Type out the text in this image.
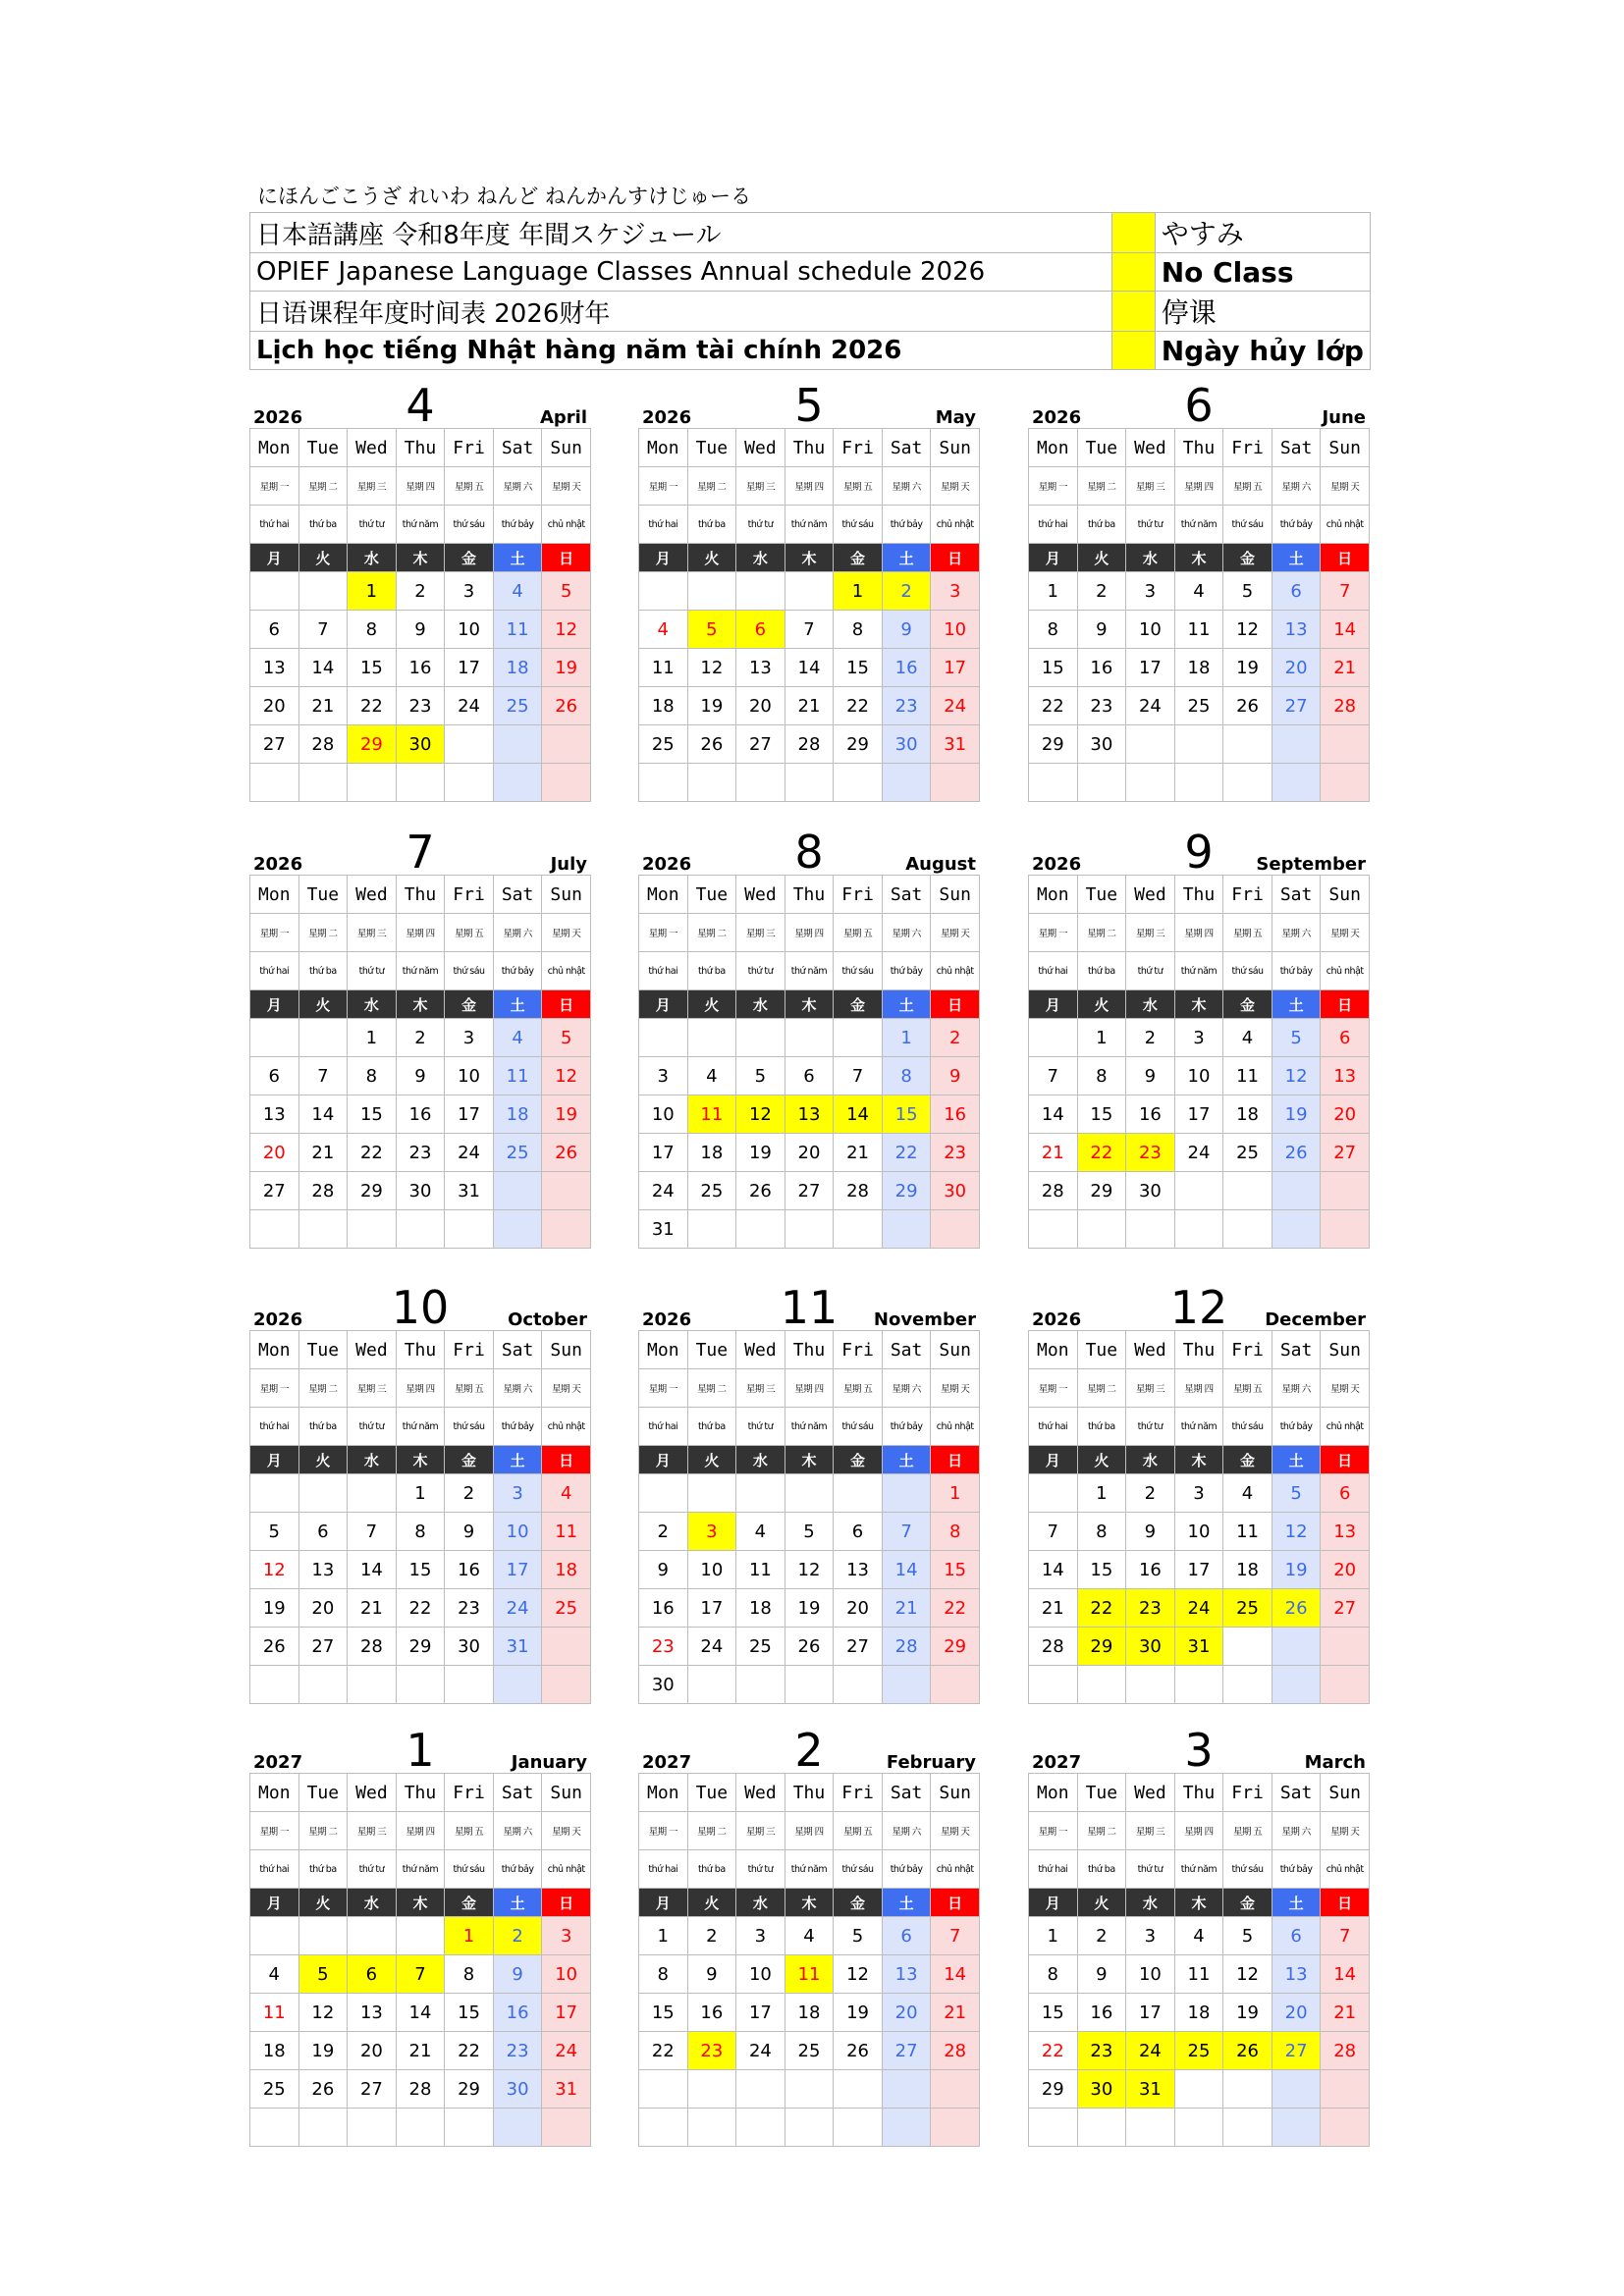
にほんごこうざ れいわ ねんど ねんかんすけじゅーる
日本語講座 令和8年度 年間スケジュール		やすみ
OPIEF Japanese Language Classes Annual schedule 2026		No Class
日语课程年度时间表 2026财年		停课
Lịch học tiếng Nhật hàng năm tài chính 2026		Ngày hủy lớp
2026	4	April
Mon	Tue	Wed	Thu	Fri	Sat	Sun
星期 一	星期 二	星期 三	星期 四	星期 五	星期 六	星期 天
thứ hai	thứ ba	thứ tư	thứ năm	thứ sáu	thứ bảy	chủ nhật
月	火	水	木	金	土	日
		1	2	3	4	5
6	7	8	9	10	11	12
13	14	15	16	17	18	19
20	21	22	23	24	25	26
27	28	29	30			

2026	5	May
Mon	Tue	Wed	Thu	Fri	Sat	Sun
星期 一	星期 二	星期 三	星期 四	星期 五	星期 六	星期 天
thứ hai	thứ ba	thứ tư	thứ năm	thứ sáu	thứ bảy	chủ nhật
月	火	水	木	金	土	日
				1	2	3
4	5	6	7	8	9	10
11	12	13	14	15	16	17
18	19	20	21	22	23	24
25	26	27	28	29	30	31

2026	6	June
Mon	Tue	Wed	Thu	Fri	Sat	Sun
星期 一	星期 二	星期 三	星期 四	星期 五	星期 六	星期 天
thứ hai	thứ ba	thứ tư	thứ năm	thứ sáu	thứ bảy	chủ nhật
月	火	水	木	金	土	日
1	2	3	4	5	6	7
8	9	10	11	12	13	14
15	16	17	18	19	20	21
22	23	24	25	26	27	28
29	30					

2026	7	July
Mon	Tue	Wed	Thu	Fri	Sat	Sun
星期 一	星期 二	星期 三	星期 四	星期 五	星期 六	星期 天
thứ hai	thứ ba	thứ tư	thứ năm	thứ sáu	thứ bảy	chủ nhật
月	火	水	木	金	土	日
		1	2	3	4	5
6	7	8	9	10	11	12
13	14	15	16	17	18	19
20	21	22	23	24	25	26
27	28	29	30	31		

2026	8	August
Mon	Tue	Wed	Thu	Fri	Sat	Sun
星期 一	星期 二	星期 三	星期 四	星期 五	星期 六	星期 天
thứ hai	thứ ba	thứ tư	thứ năm	thứ sáu	thứ bảy	chủ nhật
月	火	水	木	金	土	日
					1	2
3	4	5	6	7	8	9
10	11	12	13	14	15	16
17	18	19	20	21	22	23
24	25	26	27	28	29	30
31						
2026	9	September
Mon	Tue	Wed	Thu	Fri	Sat	Sun
星期 一	星期 二	星期 三	星期 四	星期 五	星期 六	星期 天
thứ hai	thứ ba	thứ tư	thứ năm	thứ sáu	thứ bảy	chủ nhật
月	火	水	木	金	土	日
	1	2	3	4	5	6
7	8	9	10	11	12	13
14	15	16	17	18	19	20
21	22	23	24	25	26	27
28	29	30				

2026	10	October
Mon	Tue	Wed	Thu	Fri	Sat	Sun
星期 一	星期 二	星期 三	星期 四	星期 五	星期 六	星期 天
thứ hai	thứ ba	thứ tư	thứ năm	thứ sáu	thứ bảy	chủ nhật
月	火	水	木	金	土	日
			1	2	3	4
5	6	7	8	9	10	11
12	13	14	15	16	17	18
19	20	21	22	23	24	25
26	27	28	29	30	31	

2026	11	November
Mon	Tue	Wed	Thu	Fri	Sat	Sun
星期 一	星期 二	星期 三	星期 四	星期 五	星期 六	星期 天
thứ hai	thứ ba	thứ tư	thứ năm	thứ sáu	thứ bảy	chủ nhật
月	火	水	木	金	土	日
						1
2	3	4	5	6	7	8
9	10	11	12	13	14	15
16	17	18	19	20	21	22
23	24	25	26	27	28	29
30						
2026	12	December
Mon	Tue	Wed	Thu	Fri	Sat	Sun
星期 一	星期 二	星期 三	星期 四	星期 五	星期 六	星期 天
thứ hai	thứ ba	thứ tư	thứ năm	thứ sáu	thứ bảy	chủ nhật
月	火	水	木	金	土	日
	1	2	3	4	5	6
7	8	9	10	11	12	13
14	15	16	17	18	19	20
21	22	23	24	25	26	27
28	29	30	31			

2027	1	January
Mon	Tue	Wed	Thu	Fri	Sat	Sun
星期 一	星期 二	星期 三	星期 四	星期 五	星期 六	星期 天
thứ hai	thứ ba	thứ tư	thứ năm	thứ sáu	thứ bảy	chủ nhật
月	火	水	木	金	土	日
				1	2	3
4	5	6	7	8	9	10
11	12	13	14	15	16	17
18	19	20	21	22	23	24
25	26	27	28	29	30	31

2027	2	February
Mon	Tue	Wed	Thu	Fri	Sat	Sun
星期 一	星期 二	星期 三	星期 四	星期 五	星期 六	星期 天
thứ hai	thứ ba	thứ tư	thứ năm	thứ sáu	thứ bảy	chủ nhật
月	火	水	木	金	土	日
1	2	3	4	5	6	7
8	9	10	11	12	13	14
15	16	17	18	19	20	21
22	23	24	25	26	27	28

2027	3	March
Mon	Tue	Wed	Thu	Fri	Sat	Sun
星期 一	星期 二	星期 三	星期 四	星期 五	星期 六	星期 天
thứ hai	thứ ba	thứ tư	thứ năm	thứ sáu	thứ bảy	chủ nhật
月	火	水	木	金	土	日
1	2	3	4	5	6	7
8	9	10	11	12	13	14
15	16	17	18	19	20	21
22	23	24	25	26	27	28
29	30	31				
